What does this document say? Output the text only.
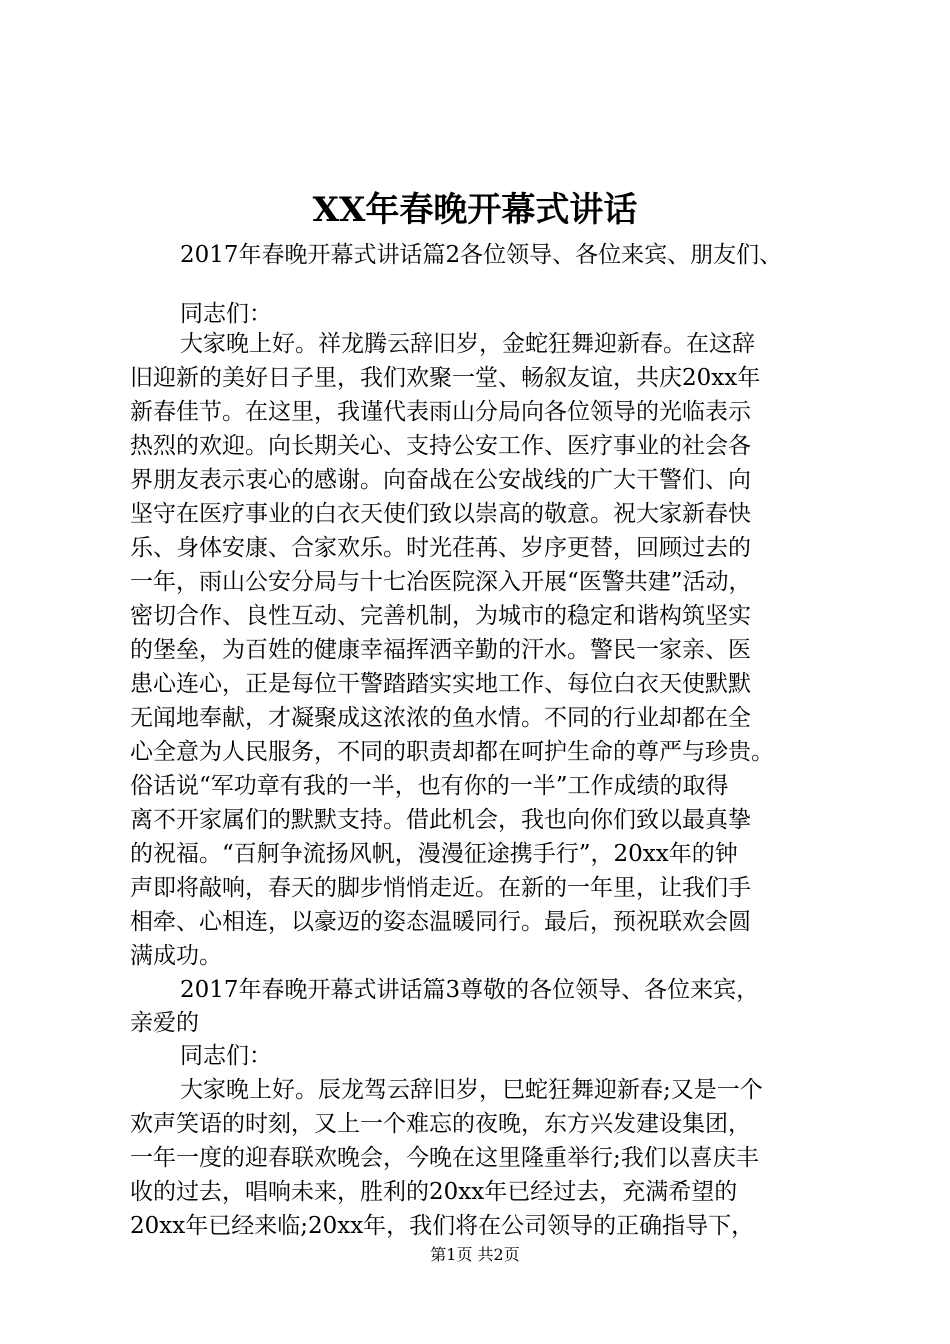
XX年春晚开幕式讲话

2017年春晚开幕式讲话篇2各位领导、各位来宾、朋友们、

同志们：

大家晚上好。祥龙腾云辞旧岁，金蛇狂舞迎新春。在这辞

旧迎新的美好日子里，我们欢聚一堂、畅叙友谊，共庆20xx年

新春佳节。在这里，我谨代表雨山分局向各位领导的光临表示

热烈的欢迎。向长期关心、支持公安工作、医疗事业的社会各

界朋友表示衷心的感谢。向奋战在公安战线的广大干警们、向

坚守在医疗事业的白衣天使们致以崇高的敬意。祝大家新春快

乐、身体安康、合家欢乐。时光荏苒、岁序更替，回顾过去的

一年，雨山公安分局与十七冶医院深入开展“医警共建”活动，

密切合作、良性互动、完善机制，为城市的稳定和谐构筑坚实

的堡垒，为百姓的健康幸福挥洒辛勤的汗水。警民一家亲、医

患心连心，正是每位干警踏踏实实地工作、每位白衣天使默默

无闻地奉献，才凝聚成这浓浓的鱼水情。不同的行业却都在全

心全意为人民服务，不同的职责却都在呵护生命的尊严与珍贵。

俗话说“军功章有我的一半，也有你的一半”工作成绩的取得

离不开家属们的默默支持。借此机会，我也向你们致以最真挚

的祝福。“百舸争流扬风帆，漫漫征途携手行”，20xx年的钟

声即将敲响，春天的脚步悄悄走近。在新的一年里，让我们手

相牵、心相连，以豪迈的姿态温暖同行。最后，预祝联欢会圆

满成功。

2017年春晚开幕式讲话篇3尊敬的各位领导、各位来宾，

亲爱的

同志们：

大家晚上好。辰龙驾云辞旧岁，巳蛇狂舞迎新春;又是一个

欢声笑语的时刻，又上一个难忘的夜晚，东方兴发建设集团，

一年一度的迎春联欢晚会，今晚在这里隆重举行;我们以喜庆丰

收的过去，唱响未来，胜利的20xx年已经过去，充满希望的

20xx年已经来临;20xx年，我们将在公司领导的正确指导下，

第1页 共2页
